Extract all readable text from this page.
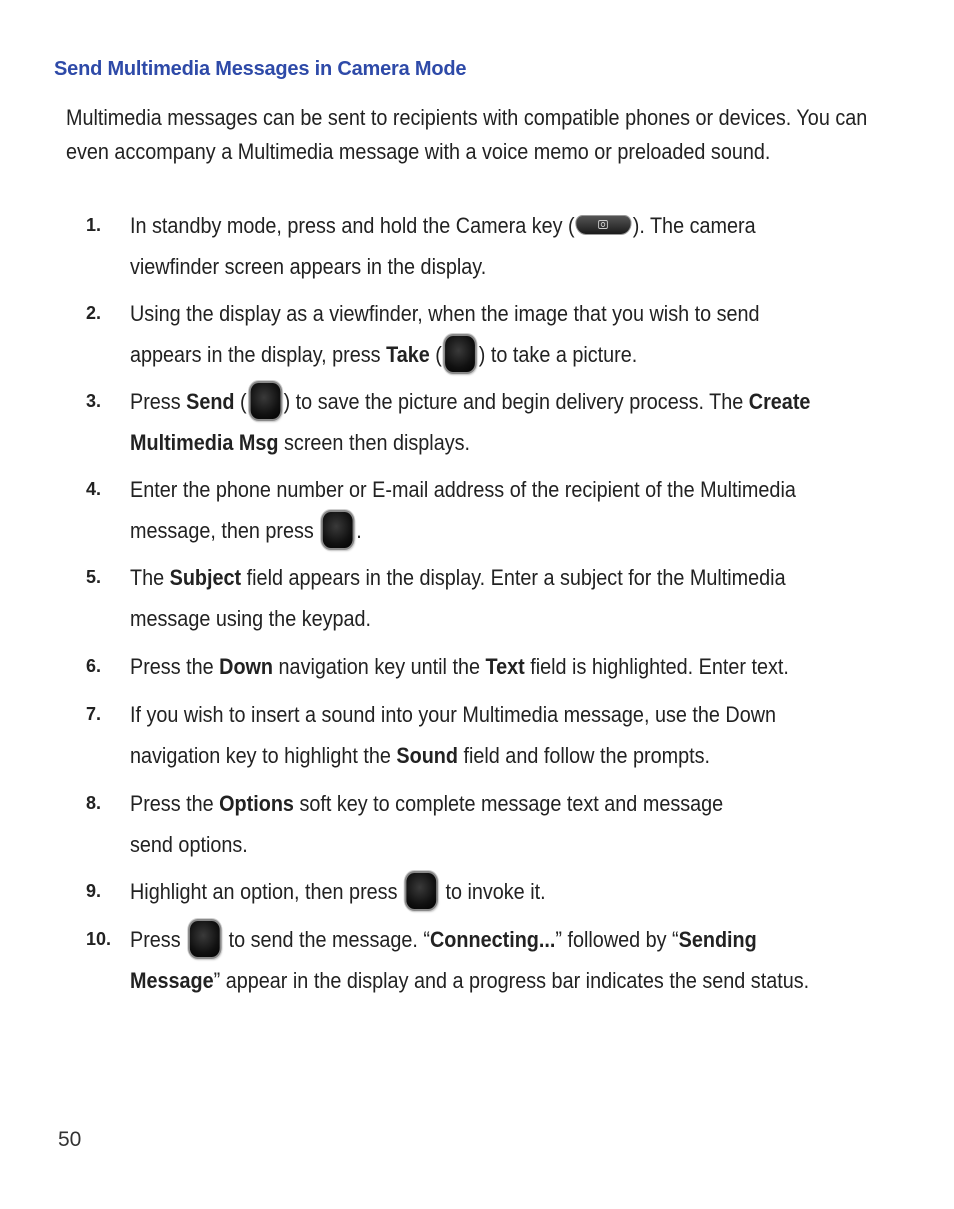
Send Multimedia Messages in Camera Mode
Multimedia messages can be sent to recipients with compatible phones or devices. You can even accompany a Multimedia message with a voice memo or preloaded sound.
1. In standby mode, press and hold the Camera key (	). The camera
viewfinder screen appears in the display.
2. Using the display as a viewfinder, when the image that you wish to send
appears in the display, press Take ( ) to take a picture.
3. Press Send ( ) to save the picture and begin delivery process. The Create
Multimedia Msg screen then displays.
4. Enter the phone number or E-mail address of the recipient of the Multimedia
message, then press .
5. The Subject field appears in the display. Enter a subject for the Multimedia
message using the keypad.
6. Press the Down navigation key until the Text field is highlighted. Enter text.
7. If you wish to insert a sound into your Multimedia message, use the Down
navigation key to highlight the Sound field and follow the prompts.
8. Press the Options soft key to complete message text and message
send options.
9. Highlight an option, then press  to invoke it.
10. Press  to send the message. “Connecting...” followed by “Sending
Message” appear in the display and a progress bar indicates the send status.
50
